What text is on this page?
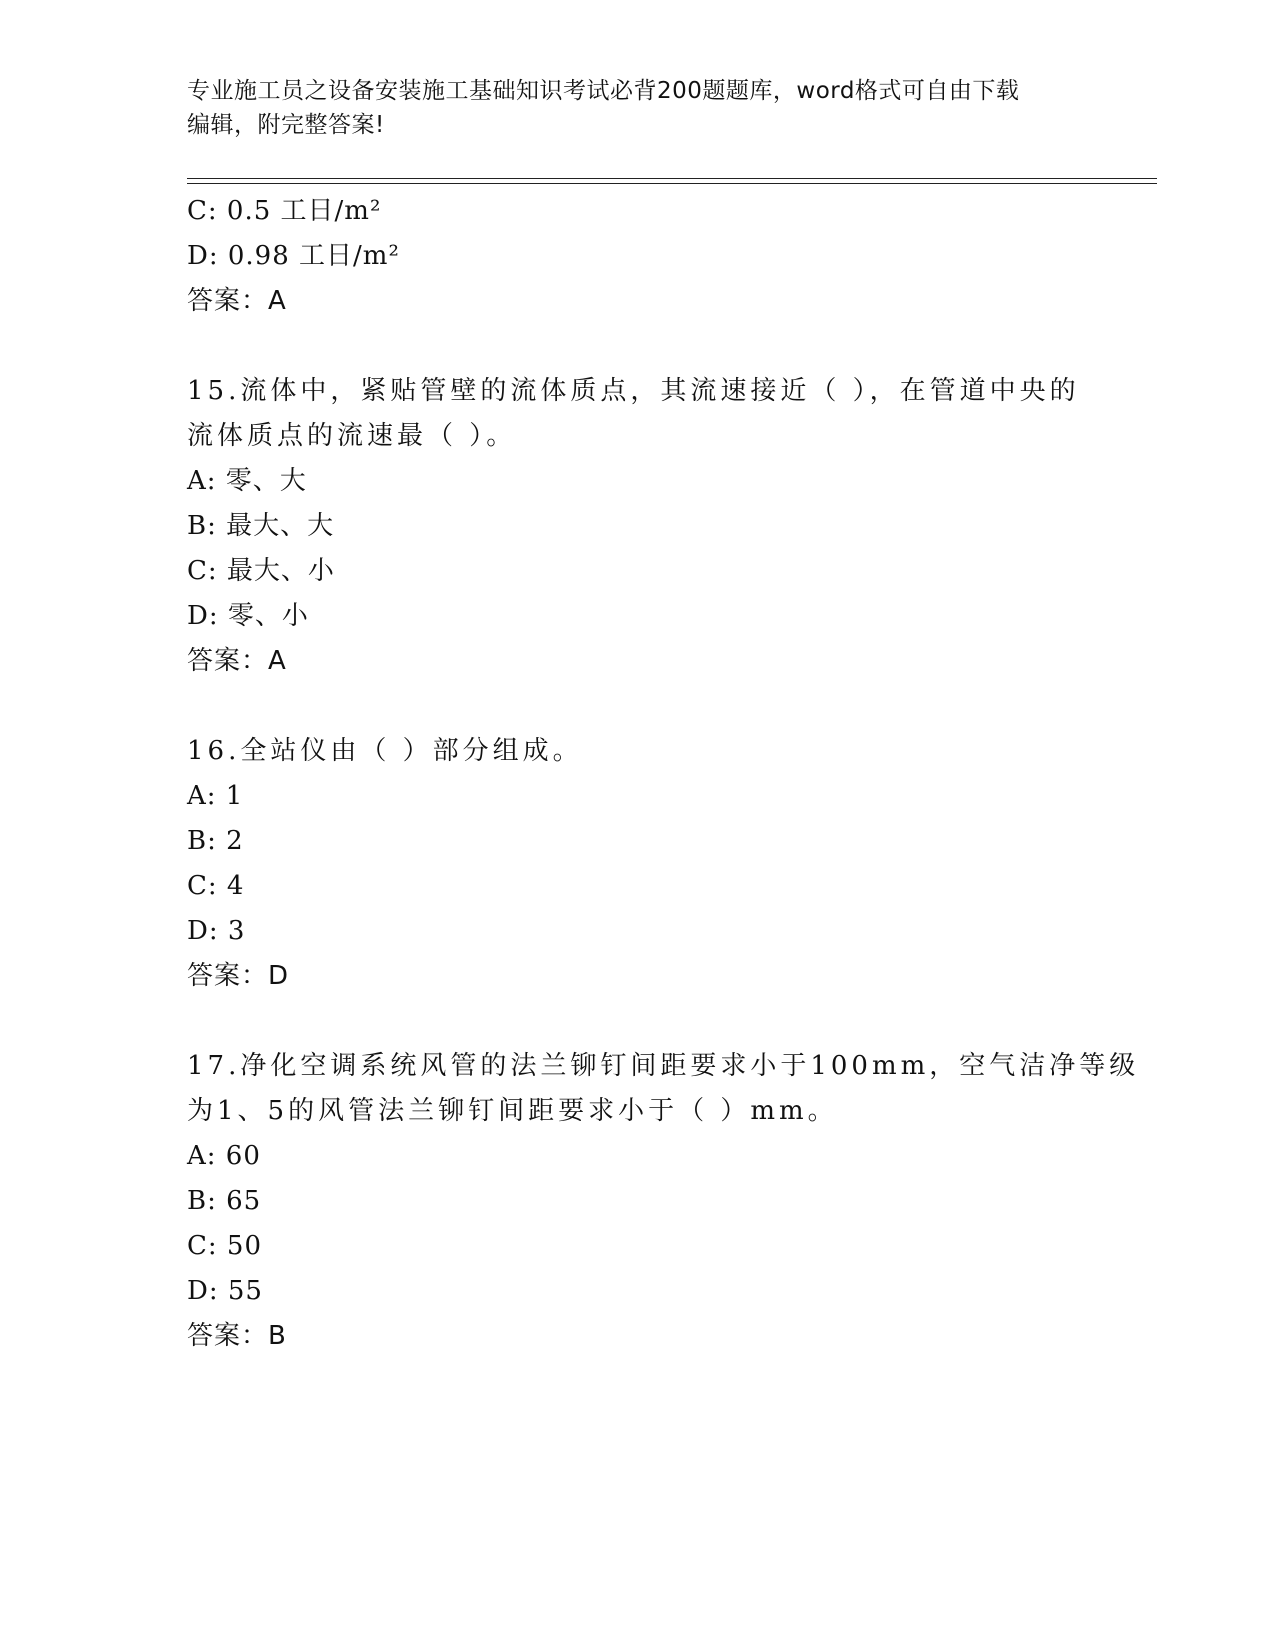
专业施工员之设备安装施工基础知识考试必背200题题库，word格式可自由下载
编辑，附完整答案!
C: 0.5 工日/m²
D: 0.98 工日/m²
答案：A
15.流体中，紧贴管壁的流体质点，其流速接近（ ），在管道中央的
流体质点的流速最（ ）。
A: 零、大
B: 最大、大
C: 最大、小
D: 零、小
答案：A
16.全站仪由（ ）部分组成。
A: 1
B: 2
C: 4
D: 3
答案：D
17.净化空调系统风管的法兰铆钉间距要求小于100mm，空气洁净等级
为1、5的风管法兰铆钉间距要求小于（ ）mm。
A: 60
B: 65
C: 50
D: 55
答案：B
